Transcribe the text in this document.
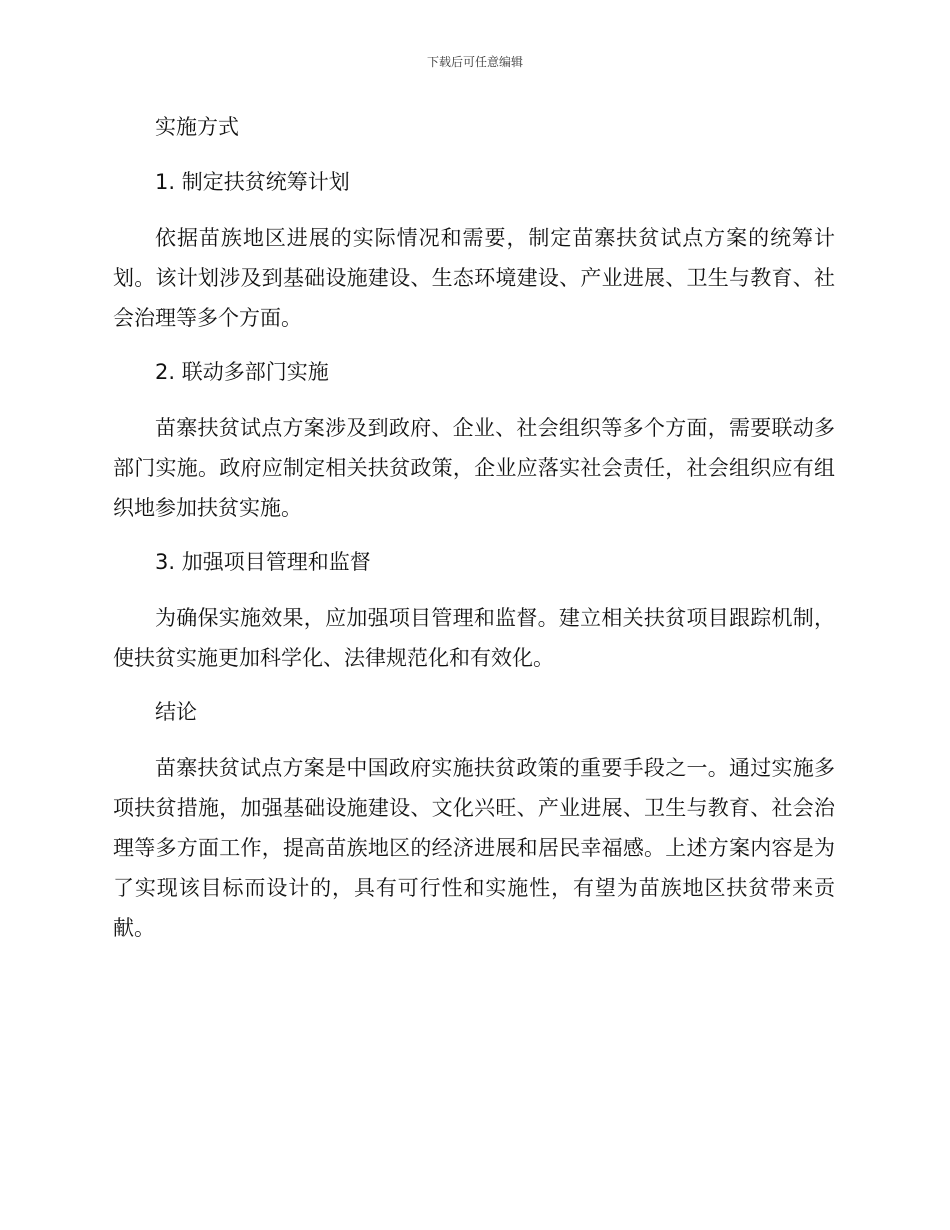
下载后可任意编辑
实施方式
1. 制定扶贫统筹计划

依据苗族地区进展的实际情况和需要，制定苗寨扶贫试点方案的统筹计划。该计划涉及到基础设施建设、生态环境建设、产业进展、卫生与教育、社会治理等多个方面。

2. 联动多部门实施

苗寨扶贫试点方案涉及到政府、企业、社会组织等多个方面，需要联动多部门实施。政府应制定相关扶贫政策，企业应落实社会责任，社会组织应有组织地参加扶贫实施。

3. 加强项目管理和监督

为确保实施效果，应加强项目管理和监督。建立相关扶贫项目跟踪机制，使扶贫实施更加科学化、法律规范化和有效化。

结论

苗寨扶贫试点方案是中国政府实施扶贫政策的重要手段之一。通过实施多项扶贫措施，加强基础设施建设、文化兴旺、产业进展、卫生与教育、社会治理等多方面工作，提高苗族地区的经济进展和居民幸福感。上述方案内容是为了实现该目标而设计的，具有可行性和实施性，有望为苗族地区扶贫带来贡献。
